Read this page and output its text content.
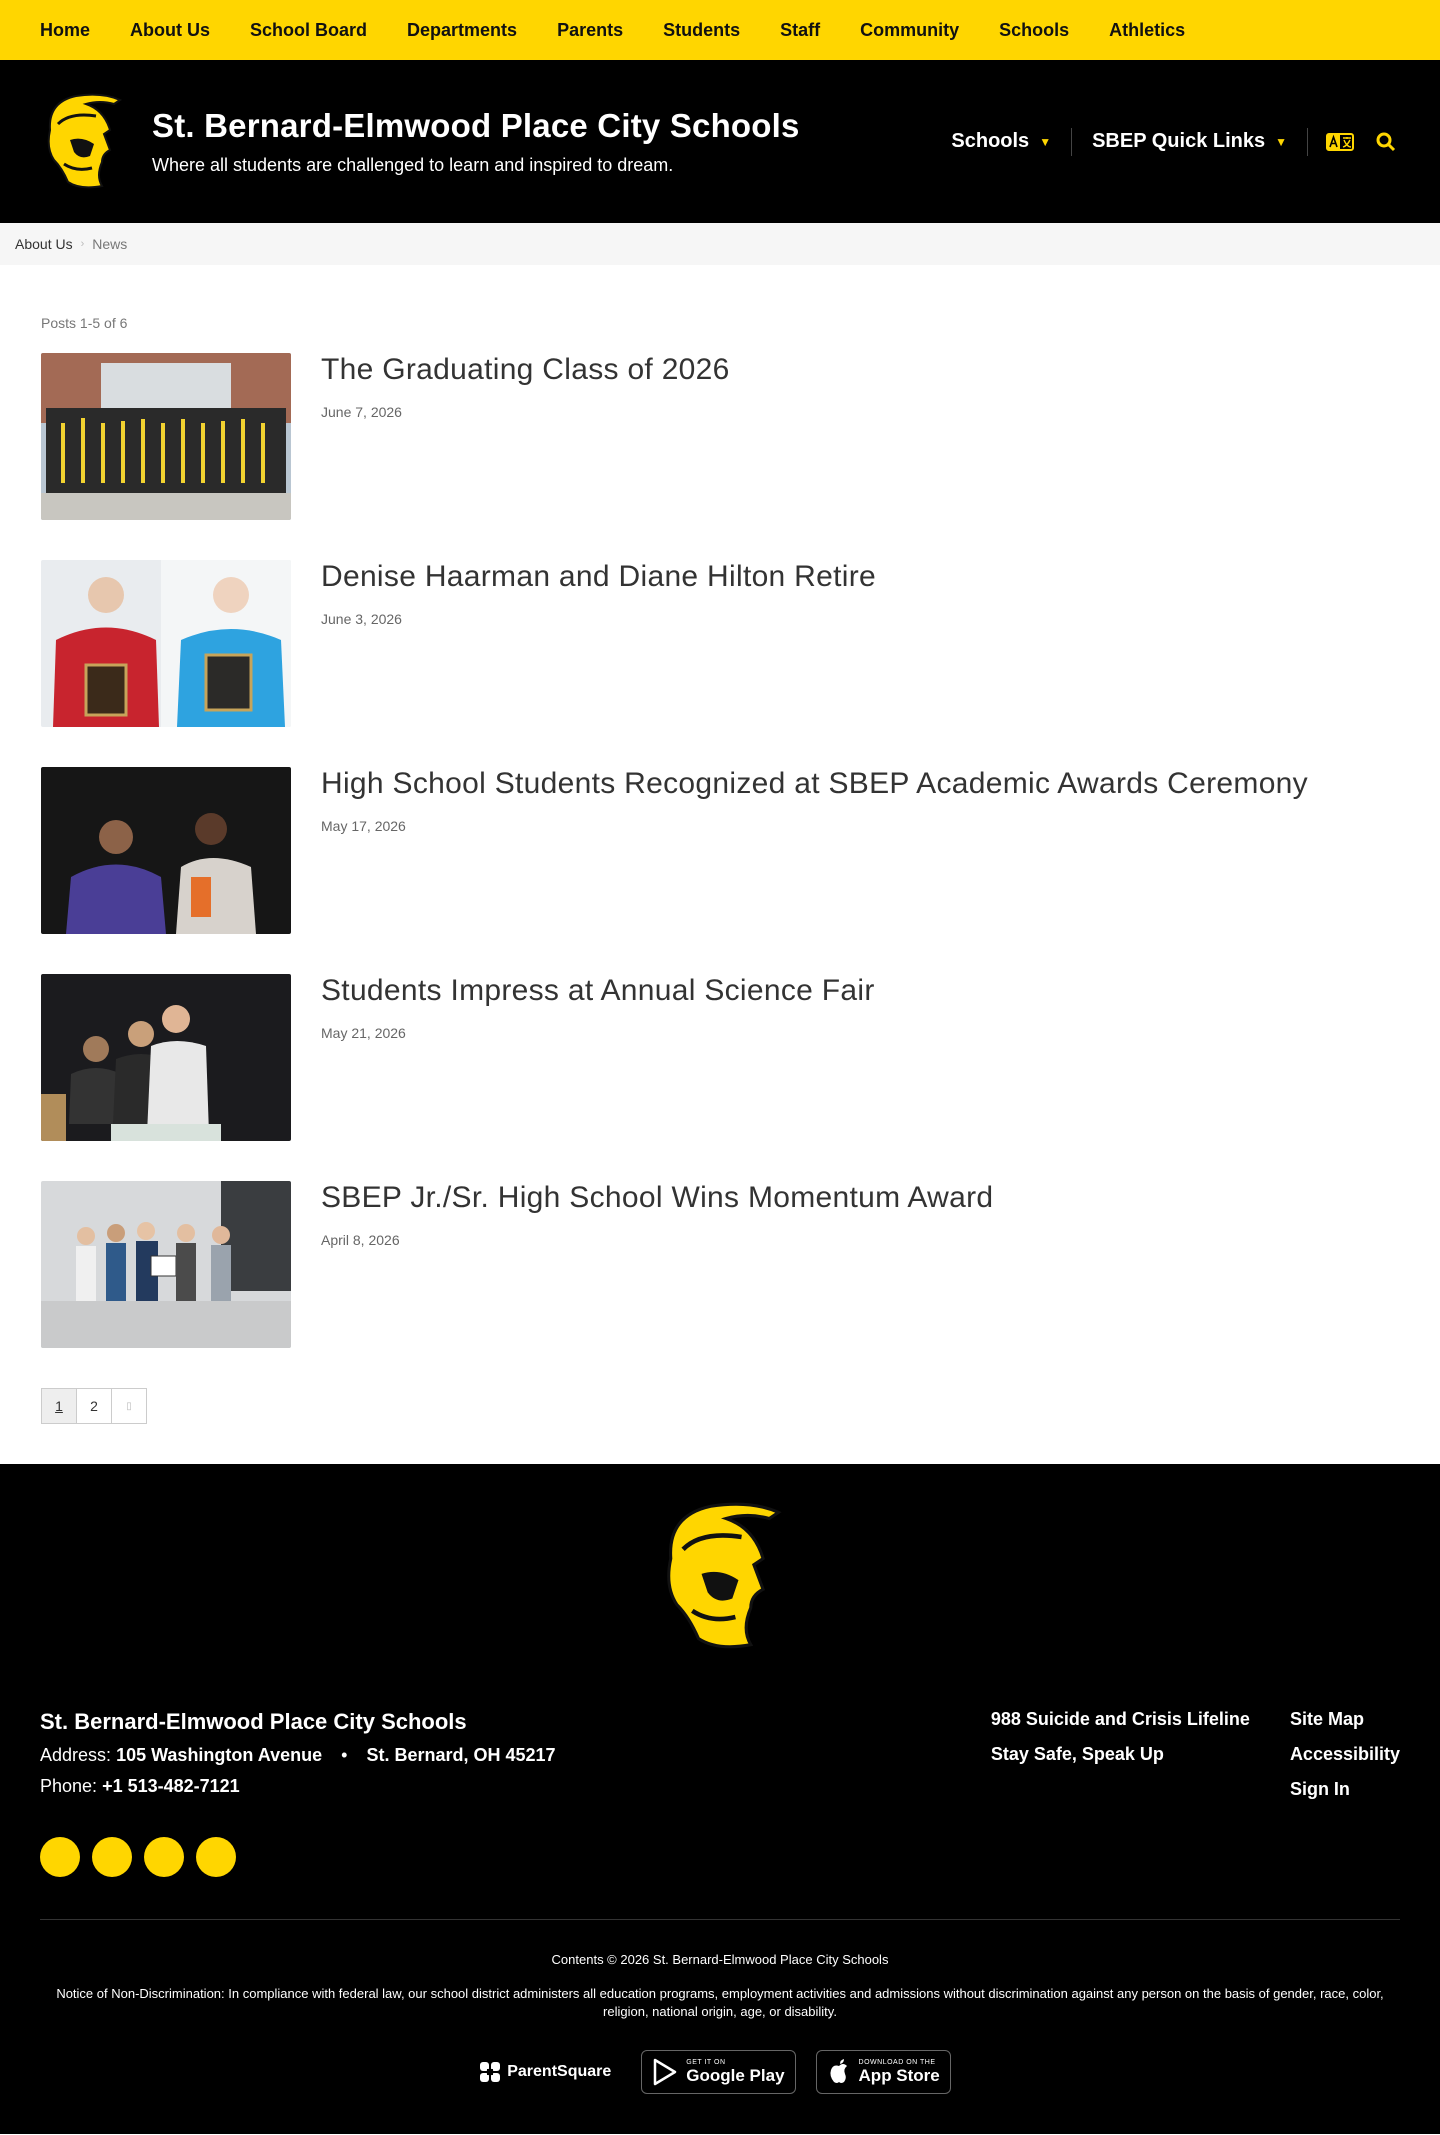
Home About Us School Board Departments Parents Students Staff Community Schools Athletics
St. Bernard-Elmwood Place City Schools
Where all students are challenged to learn and inspired to dream.
Schools ▼ SBEP Quick Links ▼
About Us › News
Posts 1-5 of 6
The Graduating Class of 2026
June 7, 2026
Denise Haarman and Diane Hilton Retire
June 3, 2026
High School Students Recognized at SBEP Academic Awards Ceremony
May 17, 2026
Students Impress at Annual Science Fair
May 21, 2026
SBEP Jr./Sr. High School Wins Momentum Award
April 8, 2026
1	2	▯
St. Bernard-Elmwood Place City Schools
Address: 105 Washington Avenue • St. Bernard, OH 45217
Phone: +1 513-482-7121
988 Suicide and Crisis Lifeline
Stay Safe, Speak Up
Site Map
Accessibility
Sign In
Contents © 2026 St. Bernard-Elmwood Place City Schools
Notice of Non-Discrimination: In compliance with federal law, our school district administers all education programs, employment activities and admissions without discrimination against any person on the basis of gender, race, color, religion, national origin, age, or disability.
ParentSquare
GET IT ON
Google Play
DOWNLOAD ON THE
App Store
